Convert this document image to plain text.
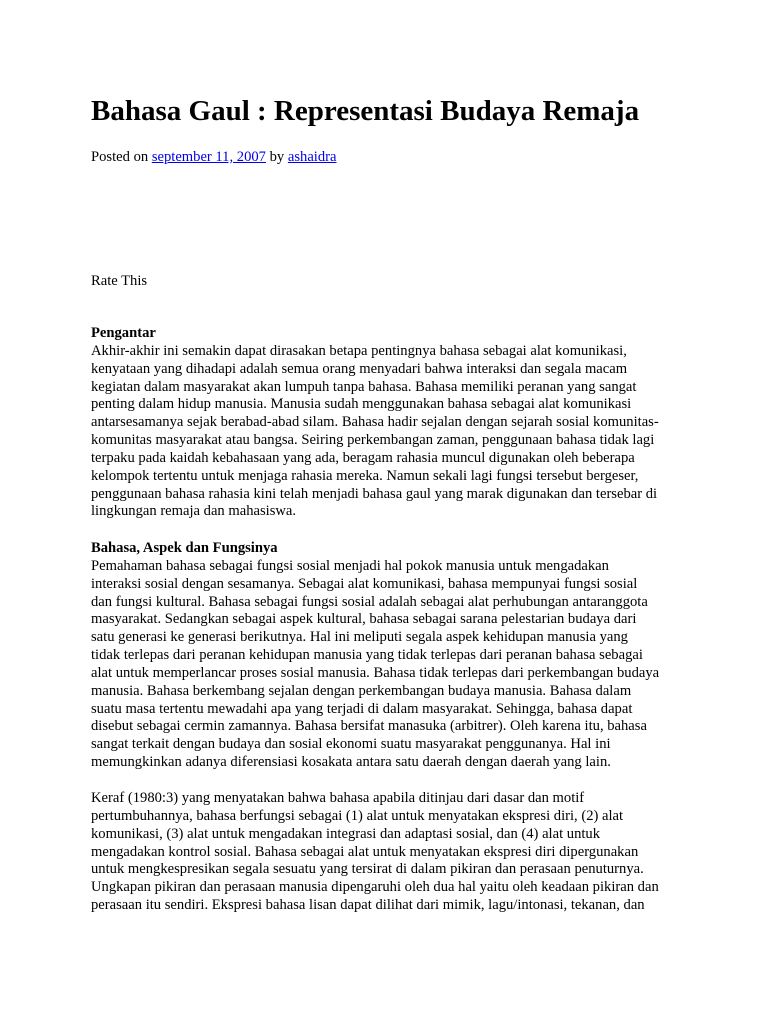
Bahasa Gaul : Representasi Budaya Remaja
Posted on september 11, 2007 by ashaidra
Rate This
Pengantar
Akhir-akhir ini semakin dapat dirasakan betapa pentingnya bahasa sebagai alat komunikasi,
kenyataan yang dihadapi adalah semua orang menyadari bahwa interaksi dan segala macam
kegiatan dalam masyarakat akan lumpuh tanpa bahasa. Bahasa memiliki peranan yang sangat
penting dalam hidup manusia. Manusia sudah menggunakan bahasa sebagai alat komunikasi
antarsesamanya sejak berabad-abad silam. Bahasa hadir sejalan dengan sejarah sosial komunitas-
komunitas masyarakat atau bangsa. Seiring perkembangan zaman, penggunaan bahasa tidak lagi
terpaku pada kaidah kebahasaan yang ada, beragam rahasia muncul digunakan oleh beberapa
kelompok tertentu untuk menjaga rahasia mereka. Namun sekali lagi fungsi tersebut bergeser,
penggunaan bahasa rahasia kini telah menjadi bahasa gaul yang marak digunakan dan tersebar di
lingkungan remaja dan mahasiswa.
Bahasa, Aspek dan Fungsinya
Pemahaman bahasa sebagai fungsi sosial menjadi hal pokok manusia untuk mengadakan
interaksi sosial dengan sesamanya. Sebagai alat komunikasi, bahasa mempunyai fungsi sosial
dan fungsi kultural. Bahasa sebagai fungsi sosial adalah sebagai alat perhubungan antaranggota
masyarakat. Sedangkan sebagai aspek kultural, bahasa sebagai sarana pelestarian budaya dari
satu generasi ke generasi berikutnya. Hal ini meliputi segala aspek kehidupan manusia yang
tidak terlepas dari peranan kehidupan manusia yang tidak terlepas dari peranan bahasa sebagai
alat untuk memperlancar proses sosial manusia. Bahasa tidak terlepas dari perkembangan budaya
manusia. Bahasa berkembang sejalan dengan perkembangan budaya manusia. Bahasa dalam
suatu masa tertentu mewadahi apa yang terjadi di dalam masyarakat. Sehingga, bahasa dapat
disebut sebagai cermin zamannya. Bahasa bersifat manasuka (arbitrer). Oleh karena itu, bahasa
sangat terkait dengan budaya dan sosial ekonomi suatu masyarakat penggunanya. Hal ini
memungkinkan adanya diferensiasi kosakata antara satu daerah dengan daerah yang lain.
Keraf (1980:3) yang menyatakan bahwa bahasa apabila ditinjau dari dasar dan motif
pertumbuhannya, bahasa berfungsi sebagai (1) alat untuk menyatakan ekspresi diri, (2) alat
komunikasi, (3) alat untuk mengadakan integrasi dan adaptasi sosial, dan (4) alat untuk
mengadakan kontrol sosial. Bahasa sebagai alat untuk menyatakan ekspresi diri dipergunakan
untuk mengkespresikan segala sesuatu yang tersirat di dalam pikiran dan perasaan penuturnya.
Ungkapan pikiran dan perasaan manusia dipengaruhi oleh dua hal yaitu oleh keadaan pikiran dan
perasaan itu sendiri. Ekspresi bahasa lisan dapat dilihat dari mimik, lagu/intonasi, tekanan, dan
